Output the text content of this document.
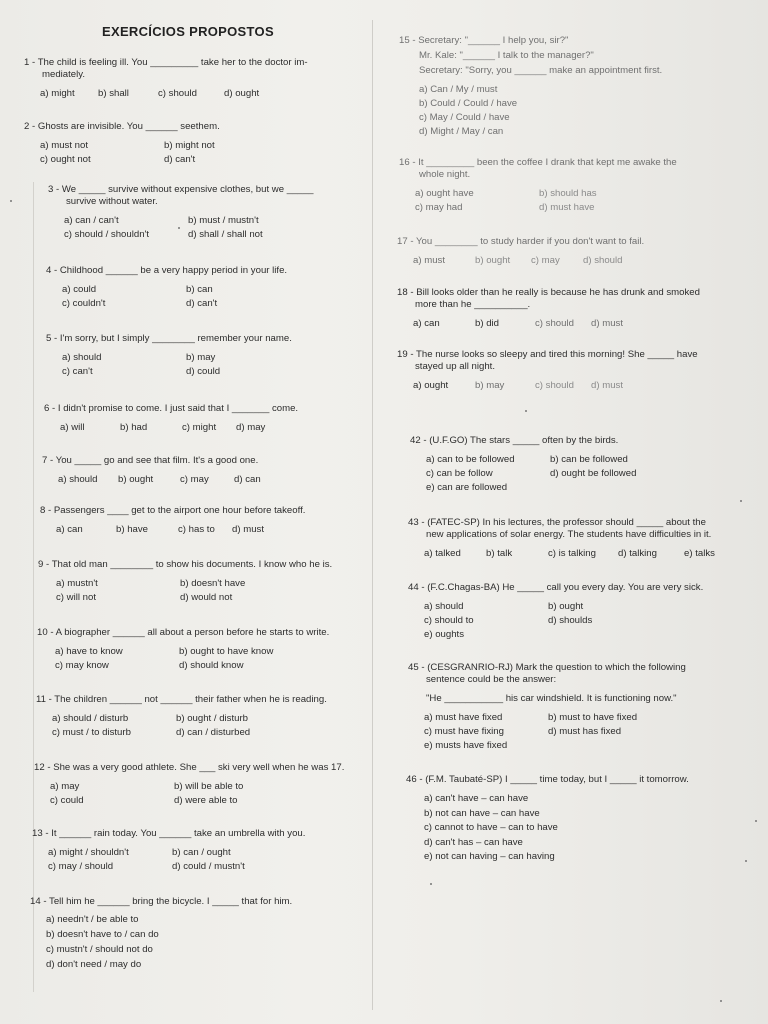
EXERCÍCIOS PROPOSTOS
1 - The child is feeling ill. You _________ take her to the doctor im-
mediately.
a) might b) shall	c) should	d) ought
2 - Ghosts are invisible. You ______ seethem.
a) must not	b) might not
c) ought not	d) can't
3 - We _____ survive without expensive clothes, but we _____
survive without water.
a) can / can't	b) must / mustn't
c) should / shouldn't	d) shall / shall not
4 - Childhood ______ be a very happy period in your life.
a) could	b) can
c) couldn't	d) can't
5 - I'm sorry, but I simply ________ remember your name.
a) should	b) may
c) can't	d) could
6 - I didn't promise to come. I just said that I _______ come.
a) will	b) had	c) might d) may
7 - You _____ go and see that film. It's a good one.
a) should b) ought	c) may	d) can
8 - Passengers ____ get to the airport one hour before takeoff.
a) can	b) have	c) has to d) must
9 - That old man ________ to show his documents. I know who he is.
a) mustn't	b) doesn't have
c) will not	d) would not
10 - A biographer ______ all about a person before he starts to write.
a) have to know	b) ought to have know
c) may know	d) should know
11 - The children ______ not ______ their father when he is reading.
a) should / disturb	b) ought / disturb
c) must / to disturb	d) can / disturbed
12 - She was a very good athlete. She ___ ski very well when he was 17.
a) may	b) will be able to
c) could	d) were able to
13 - It ______ rain today. You ______ take an umbrella with you.
a) might / shouldn't	b) can / ought
c) may / should	d) could / mustn't
14 - Tell him he ______ bring the bicycle. I _____ that for him.
a) needn't / be able to
b) doesn't have to / can do
c) mustn't / should not do
d) don't need / may do
15 - Secretary: "______ I help you, sir?"
Mr. Kale: "______ I talk to the manager?"
Secretary: "Sorry, you ______ make an appointment first.
a) Can / My / must
b) Could / Could / have
c) May / Could / have
d) Might / May / can
16 - It _________ been the coffee I drank that kept me awake the
whole night.
a) ought have	b) should has
c) may had	d) must have
17 - You ________ to study harder if you don't want to fail.
a) must	b) ought c) may d) should
18 - Bill looks older than he really is because he has drunk and smoked
more than he __________.
a) can	b) did	c) should d) must
19 - The nurse looks so sleepy and tired this morning! She _____ have
stayed up all night.
a) ought	b) may	c) should d) must
42 - (U.F.GO) The stars _____ often by the birds.
a) can to be followed	b) can be followed
c) can be follow	d) ought be followed
e) can are followed
43 - (FATEC-SP) In his lectures, the professor should _____ about the
new applications of solar energy. The students have difficulties in it.
a) talked	b) talk	c) is talking d) talking	e) talks
44 - (F.C.Chagas-BA) He _____ call you every day. You are very sick.
a) should	b) ought
c) should to	d) shoulds
e) oughts
45 - (CESGRANRIO-RJ) Mark the question to which the following
sentence could be the answer:
"He ___________ his car windshield. It is functioning now."
a) must have fixed	b) must to have fixed
c) must have fixing	d) must has fixed
e) musts have fixed
46 - (F.M. Taubaté-SP) I _____ time today, but I _____ it tomorrow.
a) can't have – can have
b) not can have – can have
c) cannot to have – can to have
d) can't has – can have
e) not can having – can having
